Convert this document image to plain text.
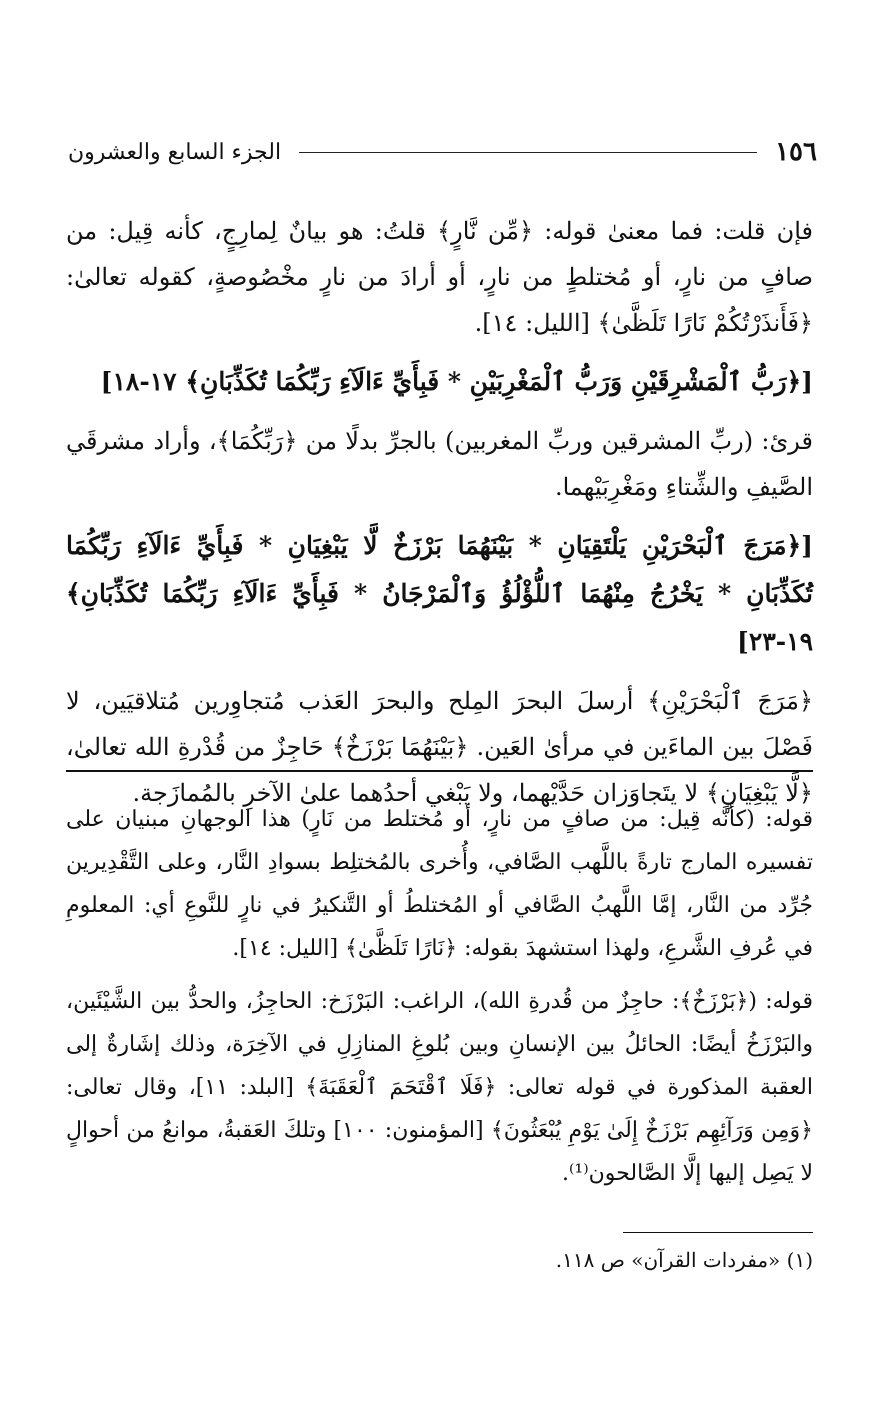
١٥٦
الجزء السابع والعشرون

فإن قلت: فما معنىٰ قوله: ﴿مِّن نَّارٍ﴾ قلتُ: هو بيانٌ لِمارِجٍ، كأنه قِيل: من صافٍ من نارٍ، أو مُختلطٍ من نارٍ، أو أرادَ من نارٍ مخْصُوصةٍ، كقوله تعالىٰ: ﴿فَأَنذَرْتُكُمْ نَارًا تَلَظَّىٰ﴾ [الليل: ١٤].

[﴿رَبُّ ٱلْمَشْرِقَيْنِ وَرَبُّ ٱلْمَغْرِبَيْنِ * فَبِأَيِّ ءَالَآءِ رَبِّكُمَا تُكَذِّبَانِ﴾ ١٧-١٨]

قرئ: (ربِّ المشرقين وربِّ المغربين) بالجرِّ بدلًا من ﴿رَبِّكُمَا﴾، وأراد مشرقَي الصَّيفِ والشِّتاءِ ومَغْرِبَيْهما.

[﴿مَرَجَ ٱلْبَحْرَيْنِ يَلْتَقِيَانِ * بَيْنَهُمَا بَرْزَخٌ لَّا يَبْغِيَانِ * فَبِأَيِّ ءَالَآءِ رَبِّكُمَا تُكَذِّبَانِ * يَخْرُجُ مِنْهُمَا ٱللُّؤْلُؤُ وَٱلْمَرْجَانُ * فَبِأَيِّ ءَالَآءِ رَبِّكُمَا تُكَذِّبَانِ﴾ ١٩-٢٣]

﴿مَرَجَ ٱلْبَحْرَيْنِ﴾ أرسلَ البحرَ المِلح والبحرَ العَذب مُتجاوِرين مُتلاقيَين، لا فَصْلَ بين الماءَين في مرأىٰ العَين. ﴿بَيْنَهُمَا بَرْزَخٌ﴾ حَاجِزٌ من قُدْرةِ الله تعالىٰ، ﴿لَّا يَبْغِيَانِ﴾ لا يتَجاوَزان حَدَّيْهما، ولا يَبْغي أحدُهما علىٰ الآخرِ بالمُمازَجة.

قوله: (كأنَّه قِيل: من صافٍ من نارٍ، أو مُختلط من نَارٍ) هذا الوجهانِ مبنيان على تفسيره المارج تارةً باللَّهب الصَّافي، وأُخرى بالمُختلِط بسوادِ النَّار، وعلى التَّقْدِيرين جُرِّد من النَّار، إمَّا اللَّهبُ الصَّافي أو المُختلطُ أو التَّنكيرُ في نارٍ للنَّوعِ أي: المعلومِ في عُرفِ الشَّرعِ، ولهذا استشهدَ بقوله: ﴿نَارًا تَلَظَّىٰ﴾ [الليل: ١٤].

قوله: (﴿بَرْزَخٌ﴾: حاجِزٌ من قُدرةِ الله)، الراغب: البَرْزَخ: الحاجِزُ، والحدُّ بين الشَّيْئَين، والبَرْزَخُ أيضًا: الحائلُ بين الإنسانِ وبين بُلوغِ المنازِلِ في الآخِرَة، وذلك إشَارةٌ إلى العقبة المذكورة في قوله تعالى: ﴿فَلَا ٱقْتَحَمَ ٱلْعَقَبَةَ﴾ [البلد: ١١]، وقال تعالى: ﴿وَمِن وَرَآئِهِم بَرْزَخٌ إِلَىٰ يَوْمِ يُبْعَثُونَ﴾ [المؤمنون: ١٠٠] وتلكَ العَقبةُ، موانعُ من أحوالٍ لا يَصِل إليها إلَّا الصَّالحون⁽¹⁾.

(١) «مفردات القرآن» ص ١١٨.
